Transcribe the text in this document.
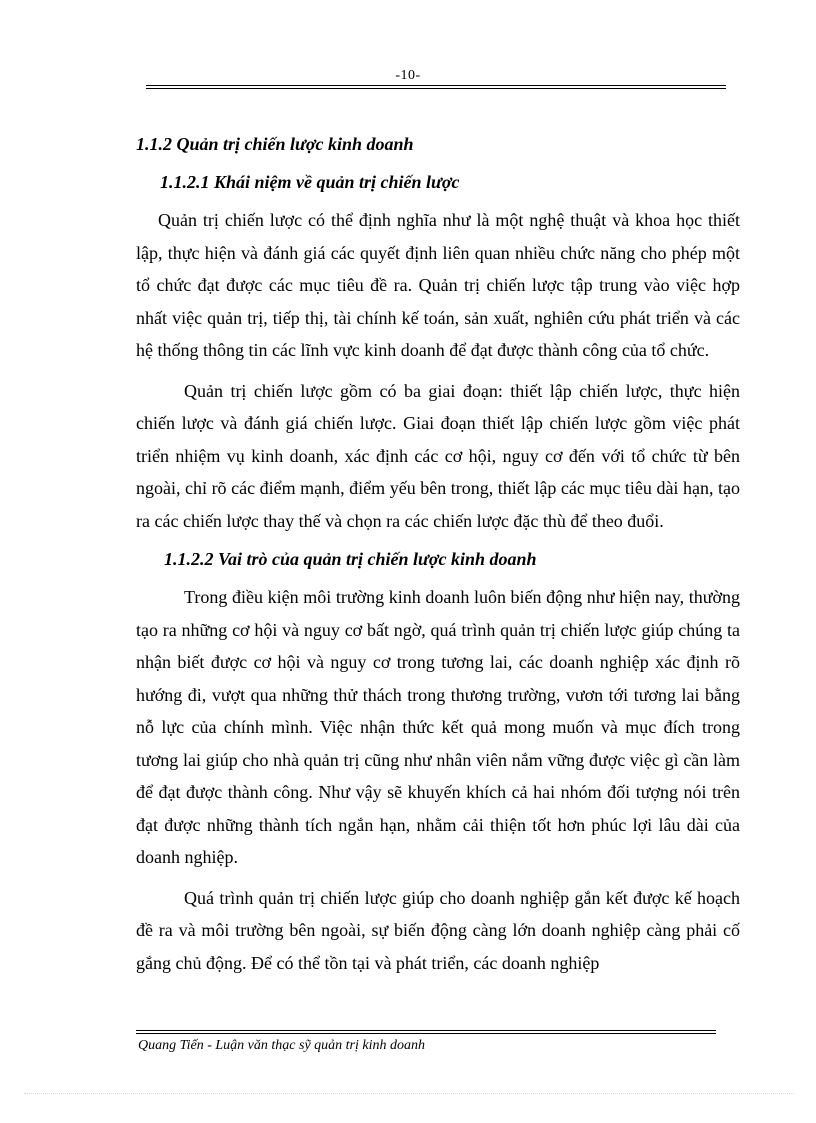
-10-
1.1.2 Quản trị chiến lược kinh doanh
1.1.2.1 Khái niệm về quản trị chiến lược

Quản trị chiến lược có thể định nghĩa như là một nghệ thuật và khoa học thiết lập, thực hiện và đánh giá các quyết định liên quan nhiều chức năng cho phép một tổ chức đạt được các mục tiêu đề ra. Quản trị chiến lược tập trung vào việc hợp nhất việc quản trị, tiếp thị, tài chính kế toán, sản xuất, nghiên cứu phát triển và các hệ thống thông tin các lĩnh vực kinh doanh để đạt được thành công của tổ chức.

Quản trị chiến lược gồm có ba giai đoạn: thiết lập chiến lược, thực hiện chiến lược và đánh giá chiến lược. Giai đoạn thiết lập chiến lược gồm việc phát triển nhiệm vụ kinh doanh, xác định các cơ hội, nguy cơ đến với tổ chức từ bên ngoài, chỉ rõ các điểm mạnh, điểm yếu bên trong, thiết lập các mục tiêu dài hạn, tạo ra các chiến lược thay thế và chọn ra các chiến lược đặc thù để theo đuổi.

1.1.2.2 Vai trò của quản trị chiến lược kinh doanh

Trong điều kiện môi trường kinh doanh luôn biến động như hiện nay, thường tạo ra những cơ hội và nguy cơ bất ngờ, quá trình quản trị chiến lược giúp chúng ta nhận biết được cơ hội và nguy cơ trong tương lai, các doanh nghiệp xác định rõ hướng đi, vượt qua những thử thách trong thương trường, vươn tới tương lai bằng nỗ lực của chính mình. Việc nhận thức kết quả mong muốn và mục đích trong tương lai giúp cho nhà quản trị cũng như nhân viên nắm vững được việc gì cần làm để đạt được thành công. Như vậy sẽ khuyến khích cả hai nhóm đối tượng nói trên đạt được những thành tích ngắn hạn, nhằm cải thiện tốt hơn phúc lợi lâu dài của doanh nghiệp.

Quá trình quản trị chiến lược giúp cho doanh nghiệp gắn kết được kế hoạch đề ra và môi trường bên ngoài, sự biến động càng lớn doanh nghiệp càng phải cố gắng chủ động. Để có thể tồn tại và phát triển, các doanh nghiệp

Quang Tiến - Luận văn thạc sỹ quản trị kinh doanh
